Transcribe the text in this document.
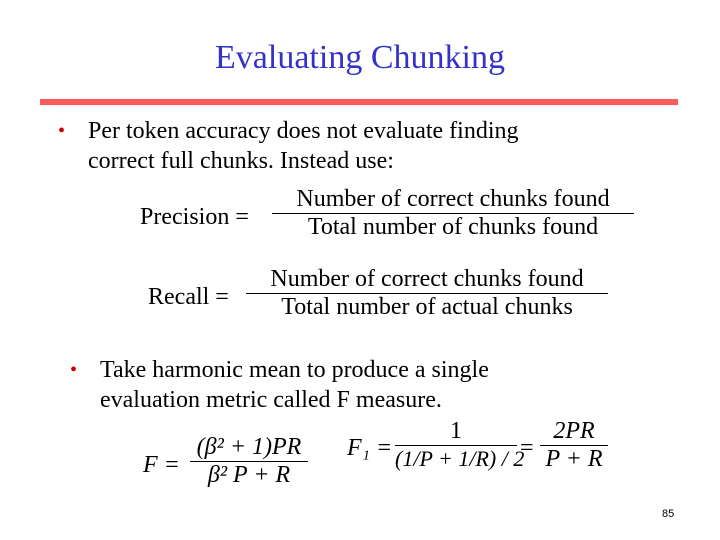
Evaluating Chunking
• Per token accuracy does not evaluate finding
correct full chunks. Instead use:
Precision =
Number of correct chunks found
Total number of chunks found
Recall =
Number of correct chunks found
Total number of actual chunks
• Take harmonic mean to produce a single
evaluation metric called F measure.
F =
(β² + 1)PR
β² P + R
F₁ =
1
(1/P + 1/R) / 2
=
2PR
P + R
85
